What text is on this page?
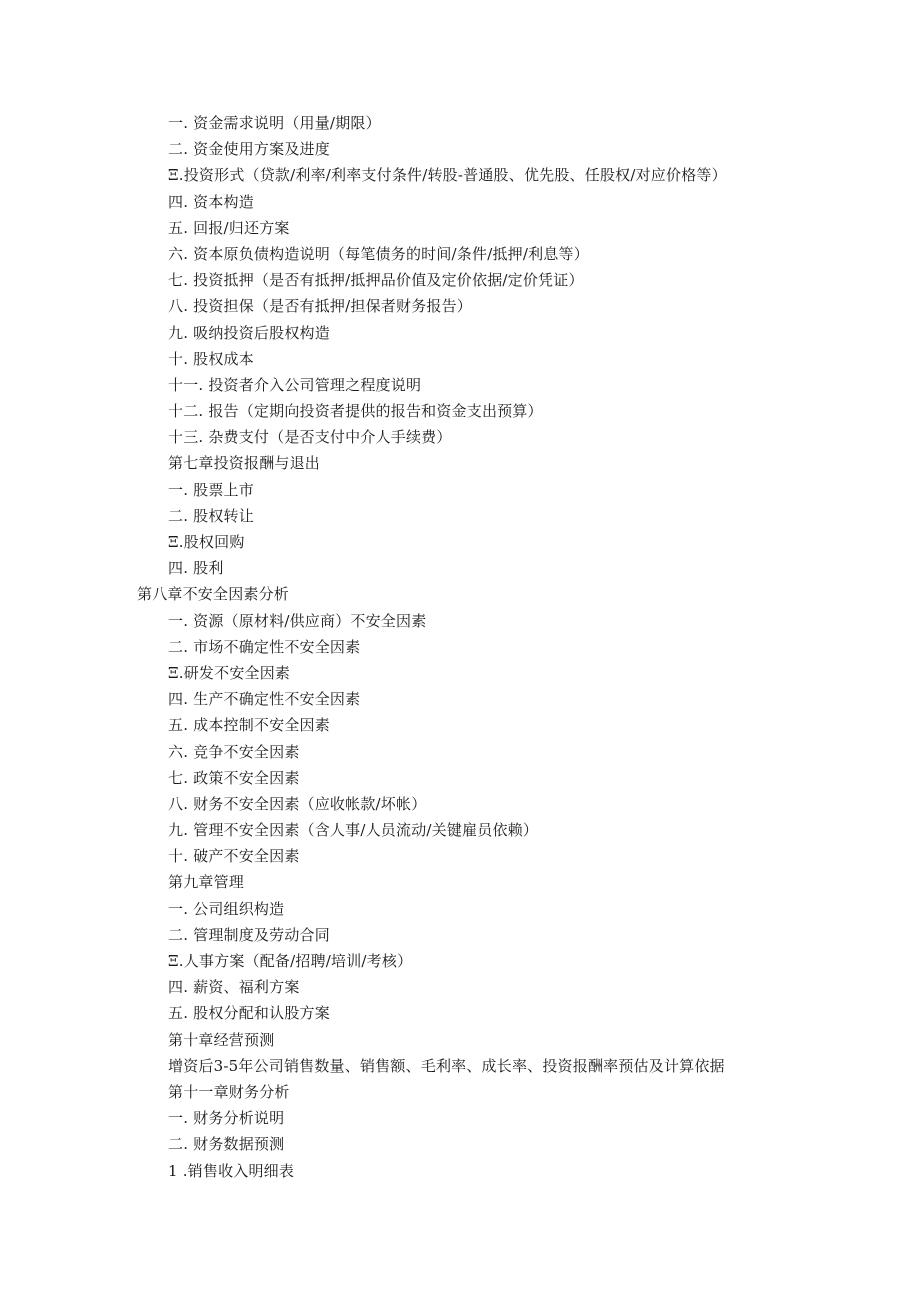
一. 资金需求说明（用量/期限）
二. 资金使用方案及进度
Ξ.投资形式（贷款/利率/利率支付条件/转股-普通股、优先股、任股权/对应价格等）
四. 资本构造
五. 回报/归还方案
六. 资本原负债构造说明（每笔债务的时间/条件/抵押/利息等）
七. 投资抵押（是否有抵押/抵押品价值及定价依据/定价凭证）
八. 投资担保（是否有抵押/担保者财务报告）
九. 吸纳投资后股权构造
十. 股权成本
十一. 投资者介入公司管理之程度说明
十二. 报告（定期向投资者提供的报告和资金支出预算）
十三. 杂费支付（是否支付中介人手续费）
第七章投资报酬与退出
一. 股票上市
二. 股权转让
Ξ.股权回购
四. 股利
第八章不安全因素分析
一. 资源（原材料/供应商）不安全因素
二. 市场不确定性不安全因素
Ξ.研发不安全因素
四. 生产不确定性不安全因素
五. 成本控制不安全因素
六. 竞争不安全因素
七. 政策不安全因素
八. 财务不安全因素（应收帐款/坏帐）
九. 管理不安全因素（含人事/人员流动/关键雇员依赖）
十. 破产不安全因素
第九章管理
一. 公司组织构造
二. 管理制度及劳动合同
Ξ.人事方案（配备/招聘/培训/考核）
四. 薪资、福利方案
五. 股权分配和认股方案
第十章经营预测
增资后3-5年公司销售数量、销售额、毛利率、成长率、投资报酬率预估及计算依据
第十一章财务分析
一. 财务分析说明
二. 财务数据预测
1 .销售收入明细表
